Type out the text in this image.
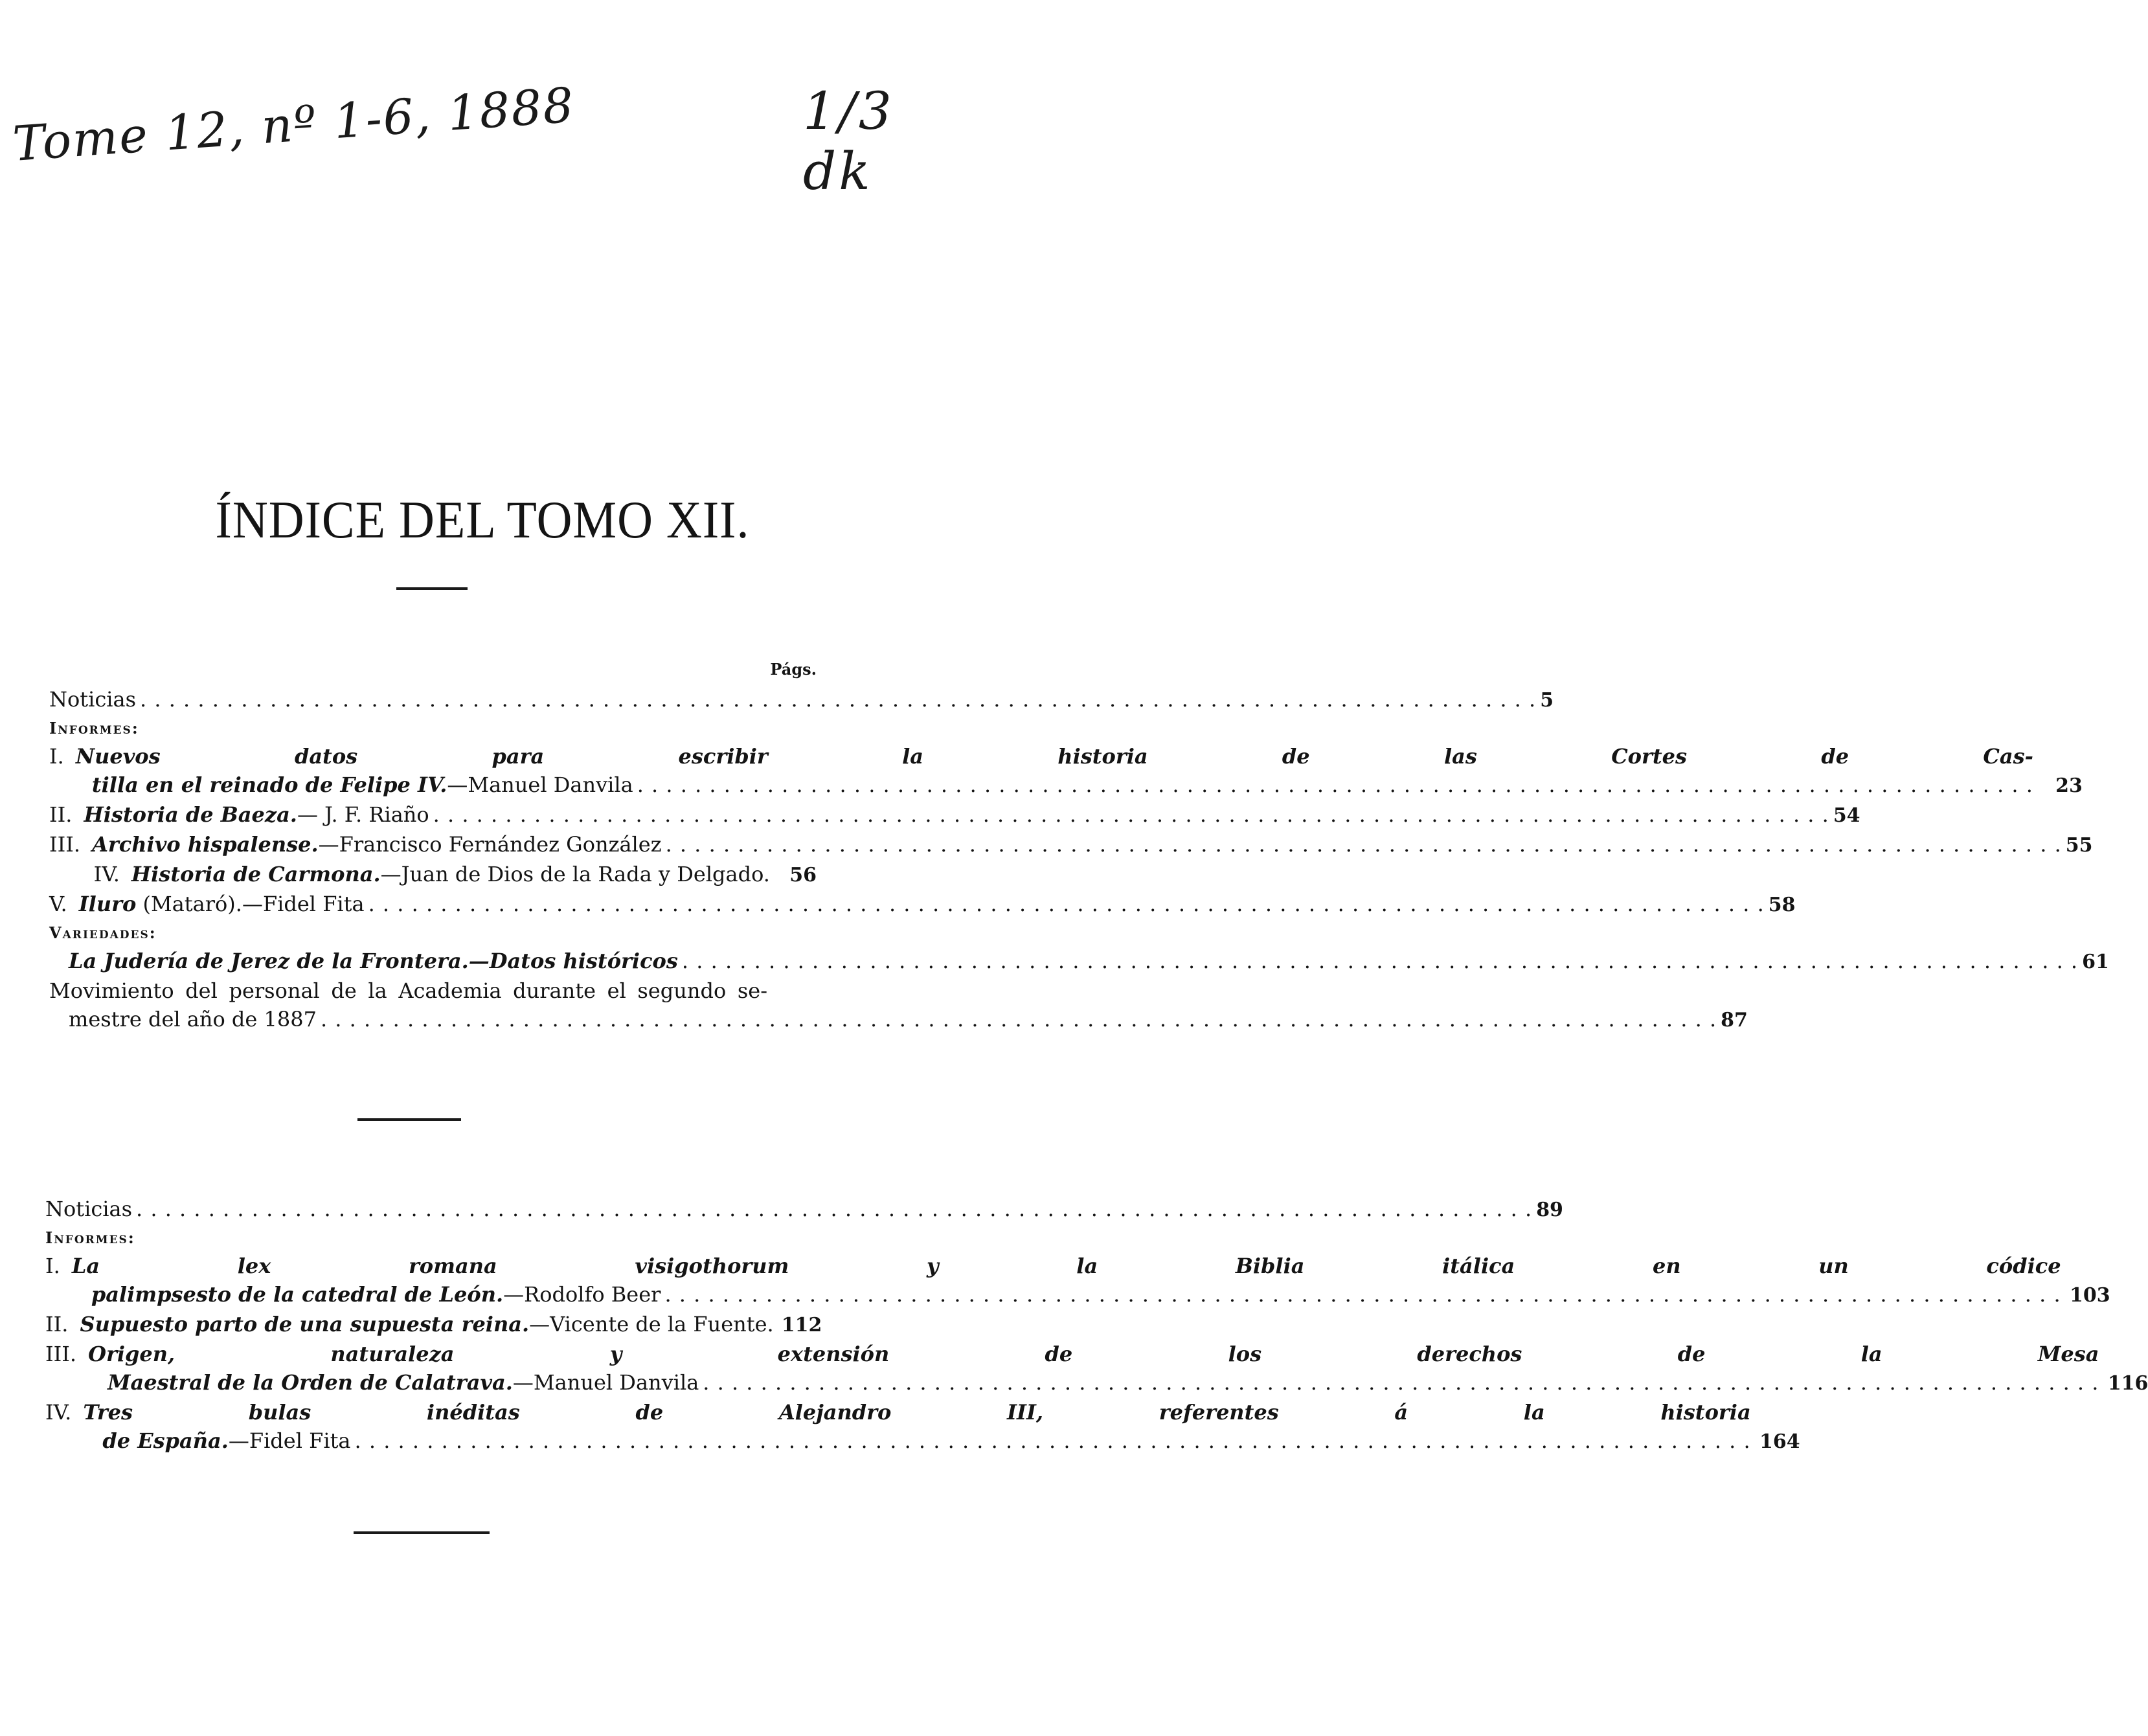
Tome 12, nº 1-6, 1888	1/3 dk
ÍNDICE DEL TOMO XII.
Págs.
Noticias . . .	5
Informes:
I. Nuevos datos para escribir la historia de las Cortes de Cas-
tilla en el reinado de Felipe IV.—Manuel Danvila . . .	23
II. Historia de Baeza.— J. F. Riaño . . .	54
III. Archivo hispalense.—Francisco Fernández González . . .	55
IV. Historia de Carmona.—Juan de Dios de la Rada y Delgado.	56
V. Iluro (Mataró).—Fidel Fita . . .	58
Variedades:
La Judería de Jerez de la Frontera.—Datos históricos . . .	61
Movimiento del personal de la Academia durante el segundo se-
mestre del año de 1887 . . .	87
Noticias . . .	89
Informes:
I. La lex romana visigothorum y la Biblia itálica en un códice
palimpsesto de la catedral de León.—Rodolfo Beer . . .	103
II. Supuesto parto de una supuesta reina.—Vicente de la Fuente. 112
III. Origen, naturaleza y extensión de los derechos de la Mesa
Maestral de la Orden de Calatrava.—Manuel Danvila . . .	116
IV. Tres bulas inéditas de Alejandro III, referentes á la historia
de España.—Fidel Fita . . .	164
